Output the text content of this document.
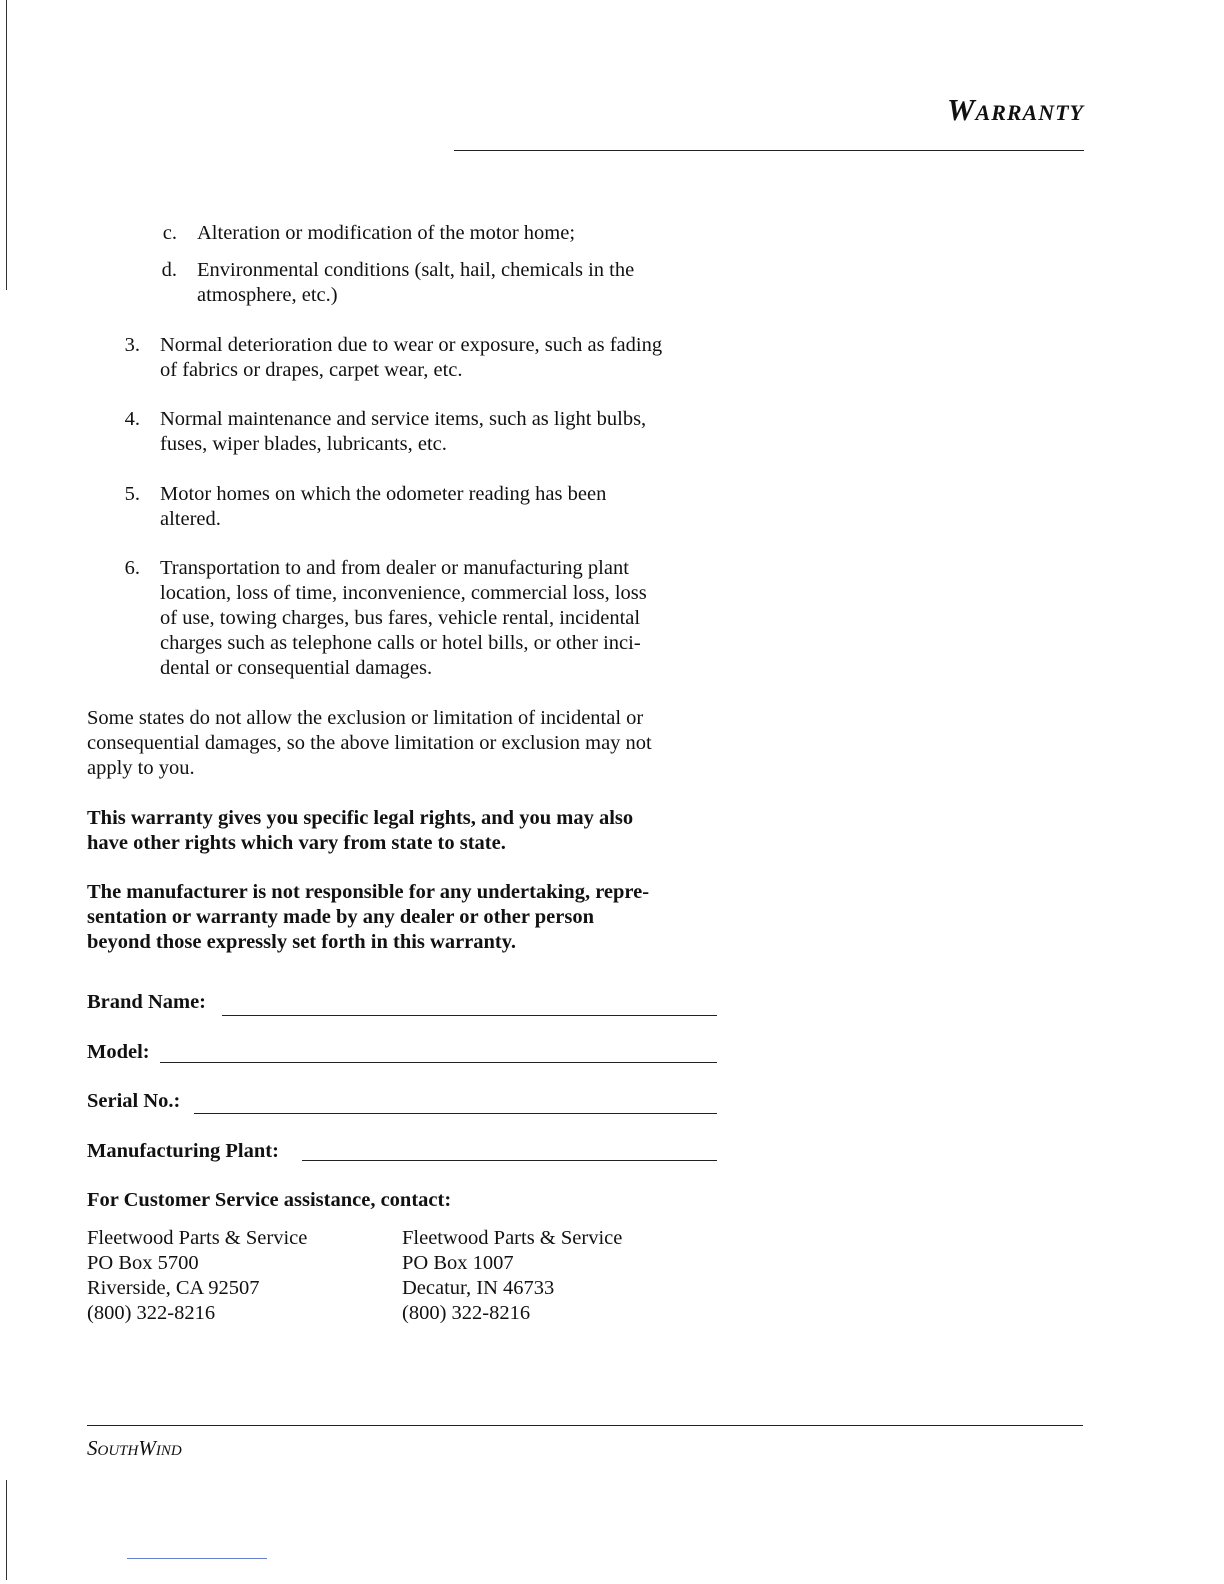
Warranty
c. Alteration or modification of the motor home;
d. Environmental conditions (salt, hail, chemicals in the
atmosphere, etc.)
3. Normal deterioration due to wear or exposure, such as fading
of fabrics or drapes, carpet wear, etc.
4. Normal maintenance and service items, such as light bulbs,
fuses, wiper blades, lubricants, etc.
5. Motor homes on which the odometer reading has been
altered.
6. Transportation to and from dealer or manufacturing plant
location, loss of time, inconvenience, commercial loss, loss
of use, towing charges, bus fares, vehicle rental, incidental
charges such as telephone calls or hotel bills, or other inci-
dental or consequential damages.
Some states do not allow the exclusion or limitation of incidental or
consequential damages, so the above limitation or exclusion may not
apply to you.
This warranty gives you specific legal rights, and you may also
have other rights which vary from state to state.
The manufacturer is not responsible for any undertaking, repre-
sentation or warranty made by any dealer or other person
beyond those expressly set forth in this warranty.
Brand Name:
Model:
Serial No.:
Manufacturing Plant:
For Customer Service assistance, contact:
Fleetwood Parts & Service
PO Box 5700
Riverside, CA 92507
(800) 322-8216
Fleetwood Parts & Service
PO Box 1007
Decatur, IN 46733
(800) 322-8216
SouthWind
